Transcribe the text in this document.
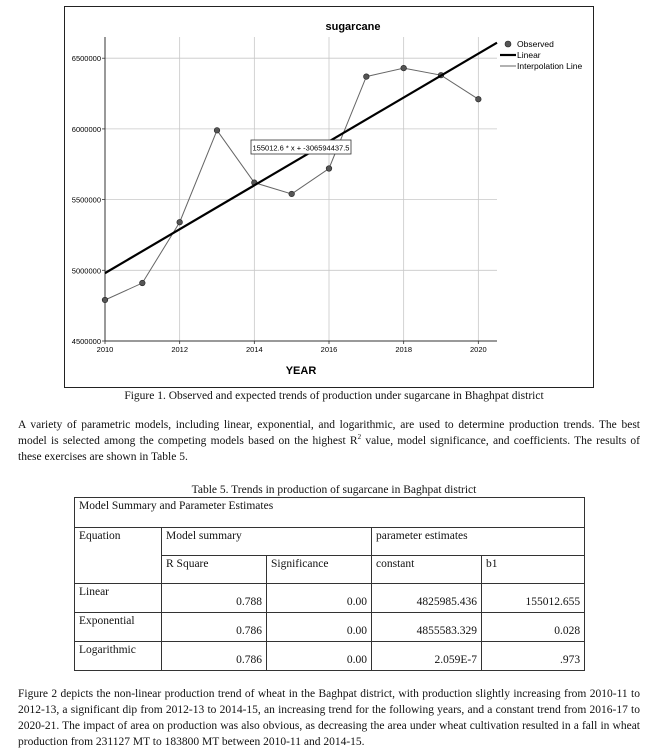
2010	2012	2014	2016	2018	2020
4500000
5000000
5500000
6000000
6500000
sugarcane
YEAR
155012.6 * x + -306594437.5
Observed
Linear
Interpolation Line
Figure 1. Observed and expected trends of production under sugarcane in Bhaghpat district

A variety of parametric models, including linear, exponential, and logarithmic, are used to determine production trends. The best model is selected among the competing models based on the highest $R^2$ value, model significance, and coefficients. The results of these exercises are shown in Table 5.

Table 5. Trends in production of sugarcane in Baghpat district
Model Summary and Parameter Estimates				
Equation	Model summary		parameter estimates	
	R Square	Significance	constant	b1
Linear	0.788	0.00	4825985.436	155012.655
Exponential	0.786	0.00	4855583.329	0.028
Logarithmic	0.786	0.00	2.059E-7	.973

Figure 2 depicts the non-linear production trend of wheat in the Baghpat district, with production slightly increasing from 2010-11 to 2012-13, a significant dip from 2012-13 to 2014-15, an increasing trend for the following years, and a constant trend from 2016-17 to 2020-21. The impact of area on production was also obvious, as decreasing the area under wheat cultivation resulted in a fall in wheat production from 231127 MT to 183800 MT between 2010-11 and 2014-15.
